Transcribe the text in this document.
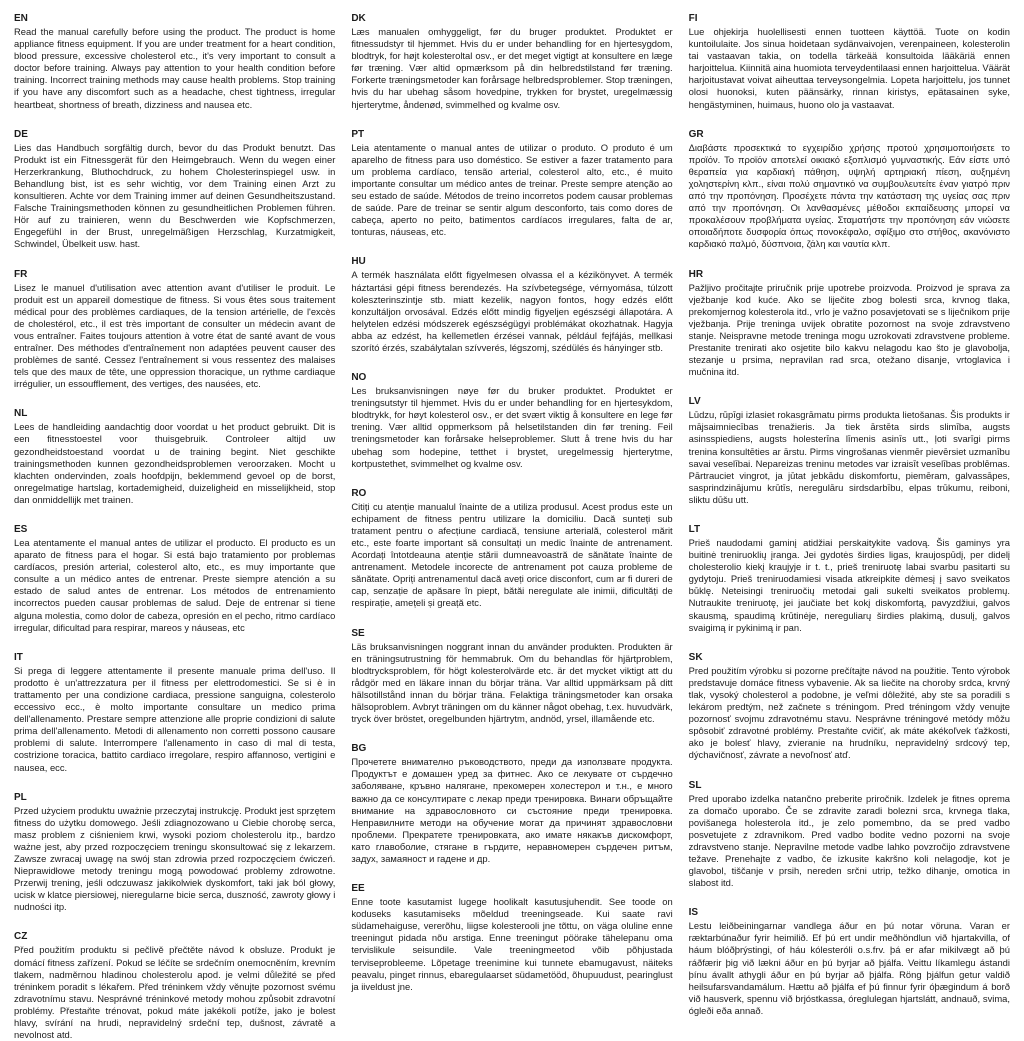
EN

Read the manual carefully before using the product. The product is home appliance fitness equipment. If you are under treatment for a heart condition, blood pressure, excessive cholesterol etc., it's very important to consult a doctor before training. Always pay attention to your health condition before training. Incorrect training methods may cause health problems. Stop training if you have any discomfort such as a headache, chest tightness, irregular heartbeat, shortness of breath, dizziness and nausea etc.

DE

Lies das Handbuch sorgfältig durch, bevor du das Produkt benutzt. Das Produkt ist ein Fitnessgerät für den Heimgebrauch. Wenn du wegen einer Herzerkrankung, Bluthochdruck, zu hohem Cholesterinspiegel usw. in Behandlung bist, ist es sehr wichtig, vor dem Training einen Arzt zu konsultieren. Achte vor dem Training immer auf deinen Gesundheitszustand. Falsche Trainingsmethoden können zu gesundheitlichen Problemen führen. Hör auf zu trainieren, wenn du Beschwerden wie Kopfschmerzen, Engegefühl in der Brust, unregelmäßigen Herzschlag, Kurzatmigkeit, Schwindel, Übelkeit usw. hast.

FR

Lisez le manuel d'utilisation avec attention avant d'utiliser le produit. Le produit est un appareil domestique de fitness. Si vous êtes sous traitement médical pour des problèmes cardiaques, de la tension artérielle, de l'excès de cholestérol, etc., il est très important de consulter un médecin avant de vous entraîner. Faites toujours attention à votre état de santé avant de vous entraîner. Des méthodes d'entraînement non adaptées peuvent causer des problèmes de santé. Cessez l'entraînement si vous ressentez des malaises tels que des maux de tête, une oppression thoracique, un rythme cardiaque irrégulier, un essoufflement, des vertiges, des nausées, etc.

NL

Lees de handleiding aandachtig door voordat u het product gebruikt. Dit is een fitnesstoestel voor thuisgebruik. Controleer altijd uw gezondheidstoestand voordat u de training begint. Niet geschikte trainingsmethoden kunnen gezondheidsproblemen veroorzaken. Mocht u klachten ondervinden, zoals hoofdpijn, beklemmend gevoel op de borst, onregelmatige hartslag, kortademigheid, duizeligheid en misselijkheid, stop dan onmiddellijk met trainen.

ES

Lea atentamente el manual antes de utilizar el producto. El producto es un aparato de fitness para el hogar. Si está bajo tratamiento por problemas cardíacos, presión arterial, colesterol alto, etc., es muy importante que consulte a un médico antes de entrenar. Preste siempre atención a su estado de salud antes de entrenar. Los métodos de entrenamiento incorrectos pueden causar problemas de salud. Deje de entrenar si tiene alguna molestia, como dolor de cabeza, opresión en el pecho, ritmo cardíaco irregular, dificultad para respirar, mareos y náuseas, etc

IT

Si prega di leggere attentamente il presente manuale prima dell'uso. Il prodotto è un'attrezzatura per il fitness per elettrodomestici. Se si è in trattamento per una condizione cardiaca, pressione sanguigna, colesterolo eccessivo ecc., è molto importante consultare un medico prima dell'allenamento. Prestare sempre attenzione alle proprie condizioni di salute prima dell'allenamento. Metodi di allenamento non corretti possono causare problemi di salute. Interrompere l'allenamento in caso di mal di testa, costrizione toracica, battito cardiaco irregolare, respiro affannoso, vertigini e nausea, ecc.

PL

Przed użyciem produktu uważnie przeczytaj instrukcję. Produkt jest sprzętem fitness do użytku domowego. Jeśli zdiagnozowano u Ciebie chorobę serca, masz problem z ciśnieniem krwi, wysoki poziom cholesterolu itp., bardzo ważne jest, aby przed rozpoczęciem treningu skonsultować się z lekarzem. Zawsze zwracaj uwagę na swój stan zdrowia przed rozpoczęciem ćwiczeń. Nieprawidłowe metody treningu mogą powodować problemy zdrowotne. Przerwij trening, jeśli odczuwasz jakikolwiek dyskomfort, taki jak ból głowy, ucisk w klatce piersiowej, nieregularne bicie serca, duszność, zawroty głowy i nudności itp.

CZ

Před použitím produktu si pečlivě přečtěte návod k obsluze. Produkt je domácí fitness zařízení. Pokud se léčíte se srdečním onemocněním, krevním tlakem, nadměrnou hladinou cholesterolu apod. je velmi důležité se před tréninkem poradit s lékařem. Před tréninkem vždy věnujte pozornost svému zdravotnímu stavu. Nesprávné tréninkové metody mohou způsobit zdravotní problémy. Přestaňte trénovat, pokud máte jakékoli potíže, jako je bolest hlavy, svírání na hrudi, nepravidelný srdeční tep, dušnost, závratě a nevolnost atd.

DK

Læs manualen omhyggeligt, før du bruger produktet. Produktet er fitnessudstyr til hjemmet. Hvis du er under behandling for en hjertesygdom, blodtryk, for højt kolesteroltal osv., er det meget vigtigt at konsultere en læge før træning. Vær altid opmærksom på din helbredstilstand før træning. Forkerte træningsmetoder kan forårsage helbredsproblemer. Stop træningen, hvis du har ubehag såsom hovedpine, trykken for brystet, uregelmæssig hjerterytme, åndenød, svimmelhed og kvalme osv.

PT

Leia atentamente o manual antes de utilizar o produto. O produto é um aparelho de fitness para uso doméstico. Se estiver a fazer tratamento para um problema cardíaco, tensão arterial, colesterol alto, etc., é muito importante consultar um médico antes de treinar. Preste sempre atenção ao seu estado de saúde. Métodos de treino incorretos podem causar problemas de saúde. Pare de treinar se sentir algum desconforto, tais como dores de cabeça, aperto no peito, batimentos cardíacos irregulares, falta de ar, tonturas, náuseas, etc.

HU

A termék használata előtt figyelmesen olvassa el a kézikönyvet. A termék háztartási gépi fitness berendezés. Ha szívbetegsége, vérnyomása, túlzott koleszterinszintje stb. miatt kezelik, nagyon fontos, hogy edzés előtt konzultáljon orvosával. Edzés előtt mindig figyeljen egészségi állapotára. A helytelen edzési módszerek egészségügyi problémákat okozhatnak. Hagyja abba az edzést, ha kellemetlen érzései vannak, például fejfájás, mellkasi szorító érzés, szabálytalan szívverés, légszomj, szédülés és hányinger stb.

NO

Les bruksanvisningen nøye før du bruker produktet. Produktet er treningsutstyr til hjemmet. Hvis du er under behandling for en hjertesykdom, blodtrykk, for høyt kolesterol osv., er det svært viktig å konsultere en lege før trening. Vær alltid oppmerksom på helsetilstanden din før trening. Feil treningsmetoder kan forårsake helseproblemer. Slutt å trene hvis du har ubehag som hodepine, tetthet i brystet, uregelmessig hjerterytme, kortpustethet, svimmelhet og kvalme osv.

RO

Citiți cu atenție manualul înainte de a utiliza produsul. Acest produs este un echipament de fitness pentru utilizare la domiciliu. Dacă sunteți sub tratament pentru o afecțiune cardiacă, tensiune arterială, colesterol mărit etc., este foarte important să consultați un medic înainte de antrenament. Acordați întotdeauna atenție stării dumneavoastră de sănătate înainte de antrenament. Metodele incorecte de antrenament pot cauza probleme de sănătate. Opriți antrenamentul dacă aveți orice disconfort, cum ar fi dureri de cap, senzație de apăsare în piept, bătăi neregulate ale inimii, dificultăți de respirație, amețeli și greață etc.

SE

Läs bruksanvisningen noggrant innan du använder produkten. Produkten är en träningsutrustning för hemmabruk. Om du behandlas för hjärtproblem, blodtrycksproblem, för högt kolesterolvärde etc. är det mycket viktigt att du rådgör med en läkare innan du börjar träna. Var alltid uppmärksam på ditt hälsotillstånd innan du börjar träna. Felaktiga träningsmetoder kan orsaka hälsoproblem. Avbryt träningen om du känner något obehag, t.ex. huvudvärk, tryck över bröstet, oregelbunden hjärtrytm, andnöd, yrsel, illamående etc.

BG

Прочетете внимателно ръководството, преди да използвате продукта. Продуктът е домашен уред за фитнес. Ако се лекувате от сърдечно заболяване, кръвно налягане, прекомерен холестерол и т.н., е много важно да се консултирате с лекар преди тренировка. Винаги обръщайте внимание на здравословното си състояние преди тренировка. Неправилните методи на обучение могат да причинят здравословни проблеми. Прекратете тренировката, ако имате някакъв дискомфорт, като главоболие, стягане в гърдите, неравномерен сърдечен ритъм, задух, замаяност и гадене и др.

EE

Enne toote kasutamist lugege hoolikalt kasutusjuhendit. See toode on koduseks kasutamiseks mõeldud treeningseade. Kui saate ravi südamehaiguse, vererõhu, liigse kolesterooli jne tõttu, on väga oluline enne treeningut pidada nõu arstiga. Enne treeningut pöörake tähelepanu oma tervislikule seisundile. Vale treeningmeetod võib põhjustada terviseprobleeme. Lõpetage treenimine kui tunnete ebamugavust, näiteks peavalu, pinget rinnus, ebaregulaarset südametööd, õhupuudust, pearinglust ja iiveldust jne.

FI

Lue ohjekirja huolellisesti ennen tuotteen käyttöä. Tuote on kodin kuntoilulaite. Jos sinua hoidetaan sydänvaivojen, verenpaineen, kolesterolin tai vastaavan takia, on todella tärkeää konsultoida lääkäriä ennen harjoittelua. Kiinnitä aina huomiota terveydentilaasi ennen harjoittelua. Väärät harjoitustavat voivat aiheuttaa terveysongelmia. Lopeta harjoittelu, jos tunnet olosi huonoksi, kuten päänsärky, rinnan kiristys, epätasainen syke, hengästyminen, huimaus, huono olo ja vastaavat.

GR

Διαβάστε προσεκτικά το εγχειρίδιο χρήσης προτού χρησιμοποιήσετε το προϊόν. Το προϊόν αποτελεί οικιακό εξοπλισμό γυμναστικής. Εάν είστε υπό θεραπεία για καρδιακή πάθηση, υψηλή αρτηριακή πίεση, αυξημένη χοληστερίνη κλπ., είναι πολύ σημαντικό να συμβουλευτείτε έναν γιατρό πριν από την προπόνηση. Προσέχετε πάντα την κατάσταση της υγείας σας πριν από την προπόνηση. Οι λανθασμένες μέθοδοι εκπαίδευσης μπορεί να προκαλέσουν προβλήματα υγείας. Σταματήστε την προπόνηση εάν νιώσετε οποιαδήποτε δυσφορία όπως πονοκέφαλο, σφίξιμο στο στήθος, ακανόνιστο καρδιακό παλμό, δύσπνοια, ζάλη και ναυτία κλπ.

HR

Pažljivo pročitajte priručnik prije upotrebe proizvoda. Proizvod je sprava za vježbanje kod kuće. Ako se liječite zbog bolesti srca, krvnog tlaka, prekomjernog kolesterola itd., vrlo je važno posavjetovati se s liječnikom prije vježbanja. Prije treninga uvijek obratite pozornost na svoje zdravstveno stanje. Neispravne metode treninga mogu uzrokovati zdravstvene probleme. Prestanite trenirati ako osjetite bilo kakvu nelagodu kao što je glavobolja, stezanje u prsima, nepravilan rad srca, otežano disanje, vrtoglavica i mučnina itd.

LV

Lūdzu, rūpīgi izlasiet rokasgrāmatu pirms produkta lietošanas. Šis produkts ir mājsaimniecības trenažieris. Ja tiek ārstēta sirds slimība, augsts asinsspiediens, augsts holesterīna līmenis asinīs utt., ļoti svarīgi pirms trenina konsultēties ar ārstu. Pirms vingrošanas vienmēr pievērsiet uzmanību savai veselībai. Nepareizas treninu metodes var izraisīt veselības problēmas. Pārtrauciet vingrot, ja jūtat jebkādu diskomfortu, piemēram, galvassāpes, sasprindzinājumu krūtīs, neregulāru sirdsdarbību, elpas trūkumu, reiboni, sliktu dūšu utt.

LT

Prieš naudodami gaminį atidžiai perskaitykite vadovą. Šis gaminys yra buitinė treniruoklių įranga. Jei gydotės širdies ligas, kraujospūdį, per didelį cholesterolio kiekį kraujyje ir t. t., prieš treniruotę labai svarbu pasitarti su gydytoju. Prieš treniruodamiesi visada atkreipkite dėmesį į savo sveikatos būklę. Neteisingi treniruočių metodai gali sukelti sveikatos problemų. Nutraukite treniruotę, jei jaučiate bet kokį diskomfortą, pavyzdžiui, galvos skausmą, spaudimą krūtinėje, nereguliarų širdies plakimą, dusulį, galvos svaigimą ir pykinimą ir pan.

SK

Pred použitím výrobku si pozorne prečítajte návod na použitie. Tento výrobok predstavuje domáce fitness vybavenie. Ak sa liečite na choroby srdca, krvný tlak, vysoký cholesterol a podobne, je veľmi dôležité, aby ste sa poradili s lekárom predtým, než začnete s tréningom. Pred tréningom vždy venujte pozornosť svojmu zdravotnému stavu. Nesprávne tréningové metódy môžu spôsobiť zdravotné problémy. Prestaňte cvičiť, ak máte akékoľvek ťažkosti, ako je bolesť hlavy, zvieranie na hrudníku, nepravidelný srdcový tep, dýchavičnosť, závrate a nevoľnosť atď.

SL

Pred uporabo izdelka natančno preberite priročnik. Izdelek je fitnes oprema za domačo uporabo. Če se zdravite zaradi bolezni srca, krvnega tlaka, povišanega holesterola itd., je zelo pomembno, da se pred vadbo posvetujete z zdravnikom. Pred vadbo bodite vedno pozorni na svoje zdravstveno stanje. Nepravilne metode vadbe lahko povzročijo zdravstvene težave. Prenehajte z vadbo, če izkusite kakršno koli nelagodje, kot je glavobol, tiščanje v prsih, nereden srčni utrip, težko dihanje, omotica in slabost itd.

IS

Lestu leiðbeiningarnar vandlega áður en þú notar vöruna. Varan er ræktarbúnaður fyrir heimilið. Ef þú ert undir meðhöndlun við hjartakvilla, of háum blóðþrýstingi, of háu kólesteróli o.s.frv. þá er afar mikilvægt að þú ráðfærir þig við lækni áður en þú byrjar að þjálfa. Veittu líkamlegu ástandi þínu ávallt athygli áður en þú byrjar að þjálfa. Röng þjálfun getur valdið heilsufarsvandamálum. Hættu að þjálfa ef þú finnur fyrir óþægindum á borð við hausverk, spennu við brjóstkassa, óreglulegan hjartslátt, andnauð, svima, ógleði eða annað.
